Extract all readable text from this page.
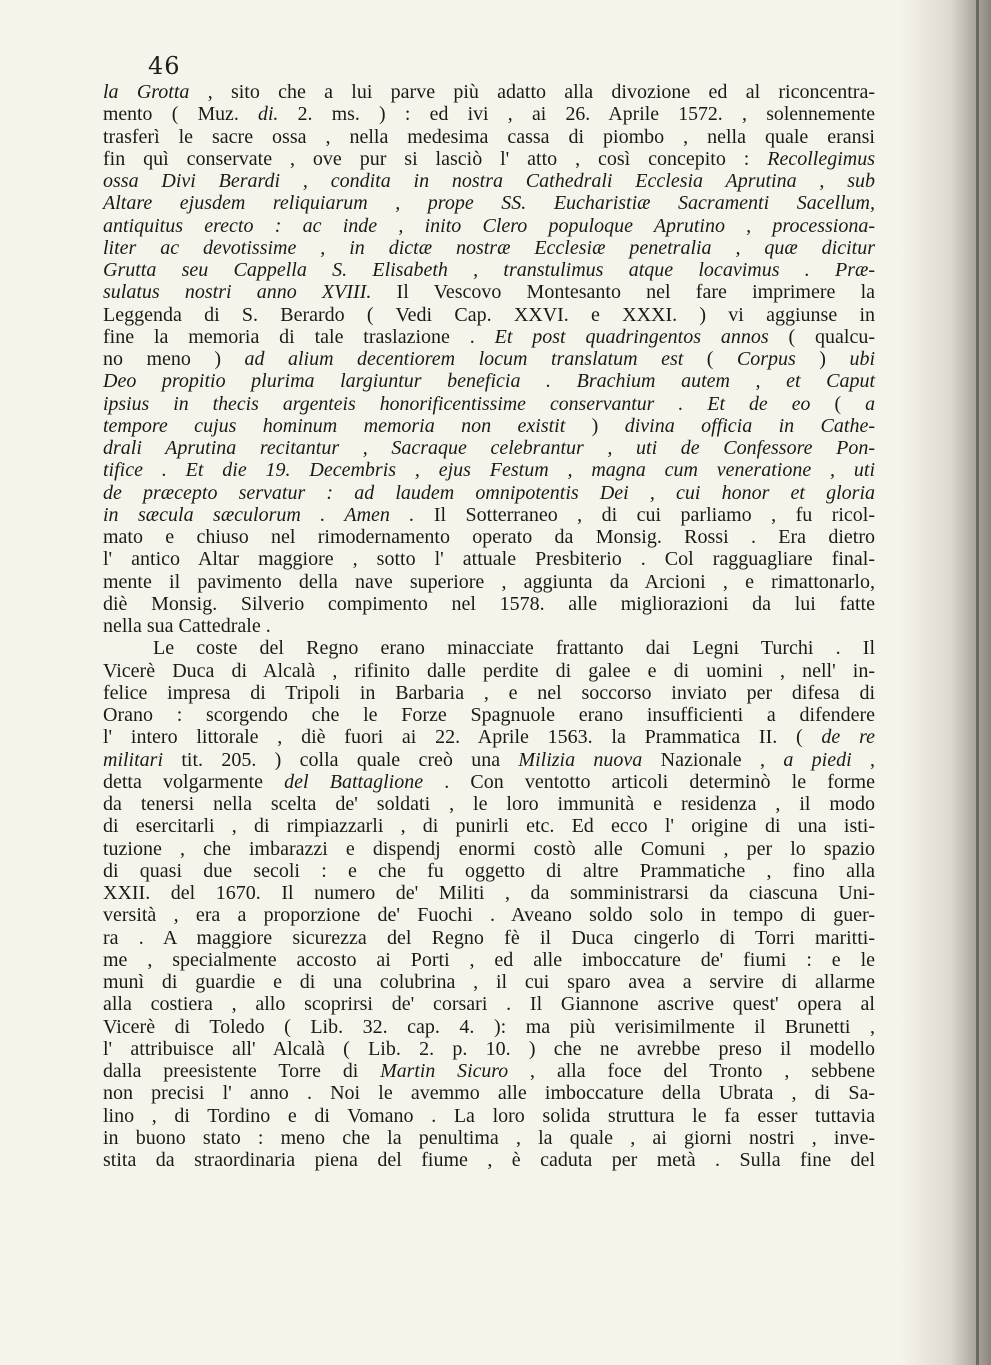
46
la Grotta , sito che a lui parve più adatto alla divozione ed al riconcentra-
mento ( Muz. di. 2. ms. ) : ed ivi , ai 26. Aprile 1572. , solennemente
trasferì le sacre ossa , nella medesima cassa di piombo , nella quale eransi
fin quì conservate , ove pur si lasciò l' atto , così concepito : Recollegimus
ossa Divi Berardi , condita in nostra Cathedrali Ecclesia Aprutina , sub
Altare ejusdem reliquiarum , prope SS. Eucharistiæ Sacramenti Sacellum,
antiquitus erecto : ac inde , inito Clero populoque Aprutino , processiona-
liter ac devotissime , in dictæ nostræ Ecclesiæ penetralia , quæ dicitur
Grutta seu Cappella S. Elisabeth , transtulimus atque locavimus . Præ-
sulatus nostri anno XVIII. Il Vescovo Montesanto nel fare imprimere la
Leggenda di S. Berardo ( Vedi Cap. XXVI. e XXXI. ) vi aggiunse in
fine la memoria di tale traslazione . Et post quadringentos annos ( qualcu-
no meno ) ad alium decentiorem locum translatum est ( Corpus ) ubi
Deo propitio plurima largiuntur beneficia . Brachium autem , et Caput
ipsius in thecis argenteis honorificentissime conservantur . Et de eo ( a
tempore cujus hominum memoria non existit ) divina officia in Cathe-
drali Aprutina recitantur , Sacraque celebrantur , uti de Confessore Pon-
tifice . Et die 19. Decembris , ejus Festum , magna cum veneratione , uti
de præcepto servatur : ad laudem omnipotentis Dei , cui honor et gloria
in sæcula sæculorum . Amen . Il Sotterraneo , di cui parliamo , fu ricol-
mato e chiuso nel rimodernamento operato da Monsig. Rossi . Era dietro
l' antico Altar maggiore , sotto l' attuale Presbiterio . Col ragguagliare final-
mente il pavimento della nave superiore , aggiunta da Arcioni , e rimattonarlo,
diè Monsig. Silverio compimento nel 1578. alle migliorazioni da lui fatte
nella sua Cattedrale .
Le coste del Regno erano minacciate frattanto dai Legni Turchi . Il
Vicerè Duca di Alcalà , rifinito dalle perdite di galee e di uomini , nell' in-
felice impresa di Tripoli in Barbaria , e nel soccorso inviato per difesa di
Orano : scorgendo che le Forze Spagnuole erano insufficienti a difendere
l' intero littorale , diè fuori ai 22. Aprile 1563. la Prammatica II. ( de re
militari tit. 205. ) colla quale creò una Milizia nuova Nazionale , a piedi ,
detta volgarmente del Battaglione . Con ventotto articoli determinò le forme
da tenersi nella scelta de' soldati , le loro immunità e residenza , il modo
di esercitarli , di rimpiazzarli , di punirli etc. Ed ecco l' origine di una isti-
tuzione , che imbarazzi e dispendj enormi costò alle Comuni , per lo spazio
di quasi due secoli : e che fu oggetto di altre Prammatiche , fino alla
XXII. del 1670. Il numero de' Militi , da somministrarsi da ciascuna Uni-
versità , era a proporzione de' Fuochi . Aveano soldo solo in tempo di guer-
ra . A maggiore sicurezza del Regno fè il Duca cingerlo di Torri maritti-
me , specialmente accosto ai Porti , ed alle imboccature de' fiumi : e le
munì di guardie e di una colubrina , il cui sparo avea a servire di allarme
alla costiera , allo scoprirsi de' corsari . Il Giannone ascrive quest' opera al
Vicerè di Toledo ( Lib. 32. cap. 4. ): ma più verisimilmente il Brunetti ,
l' attribuisce all' Alcalà ( Lib. 2. p. 10. ) che ne avrebbe preso il modello
dalla preesistente Torre di Martin Sicuro , alla foce del Tronto , sebbene
non precisi l' anno . Noi le avemmo alle imboccature della Ubrata , di Sa-
lino , di Tordino e di Vomano . La loro solida struttura le fa esser tuttavia
in buono stato : meno che la penultima , la quale , ai giorni nostri , inve-
stita da straordinaria piena del fiume , è caduta per metà . Sulla fine del
